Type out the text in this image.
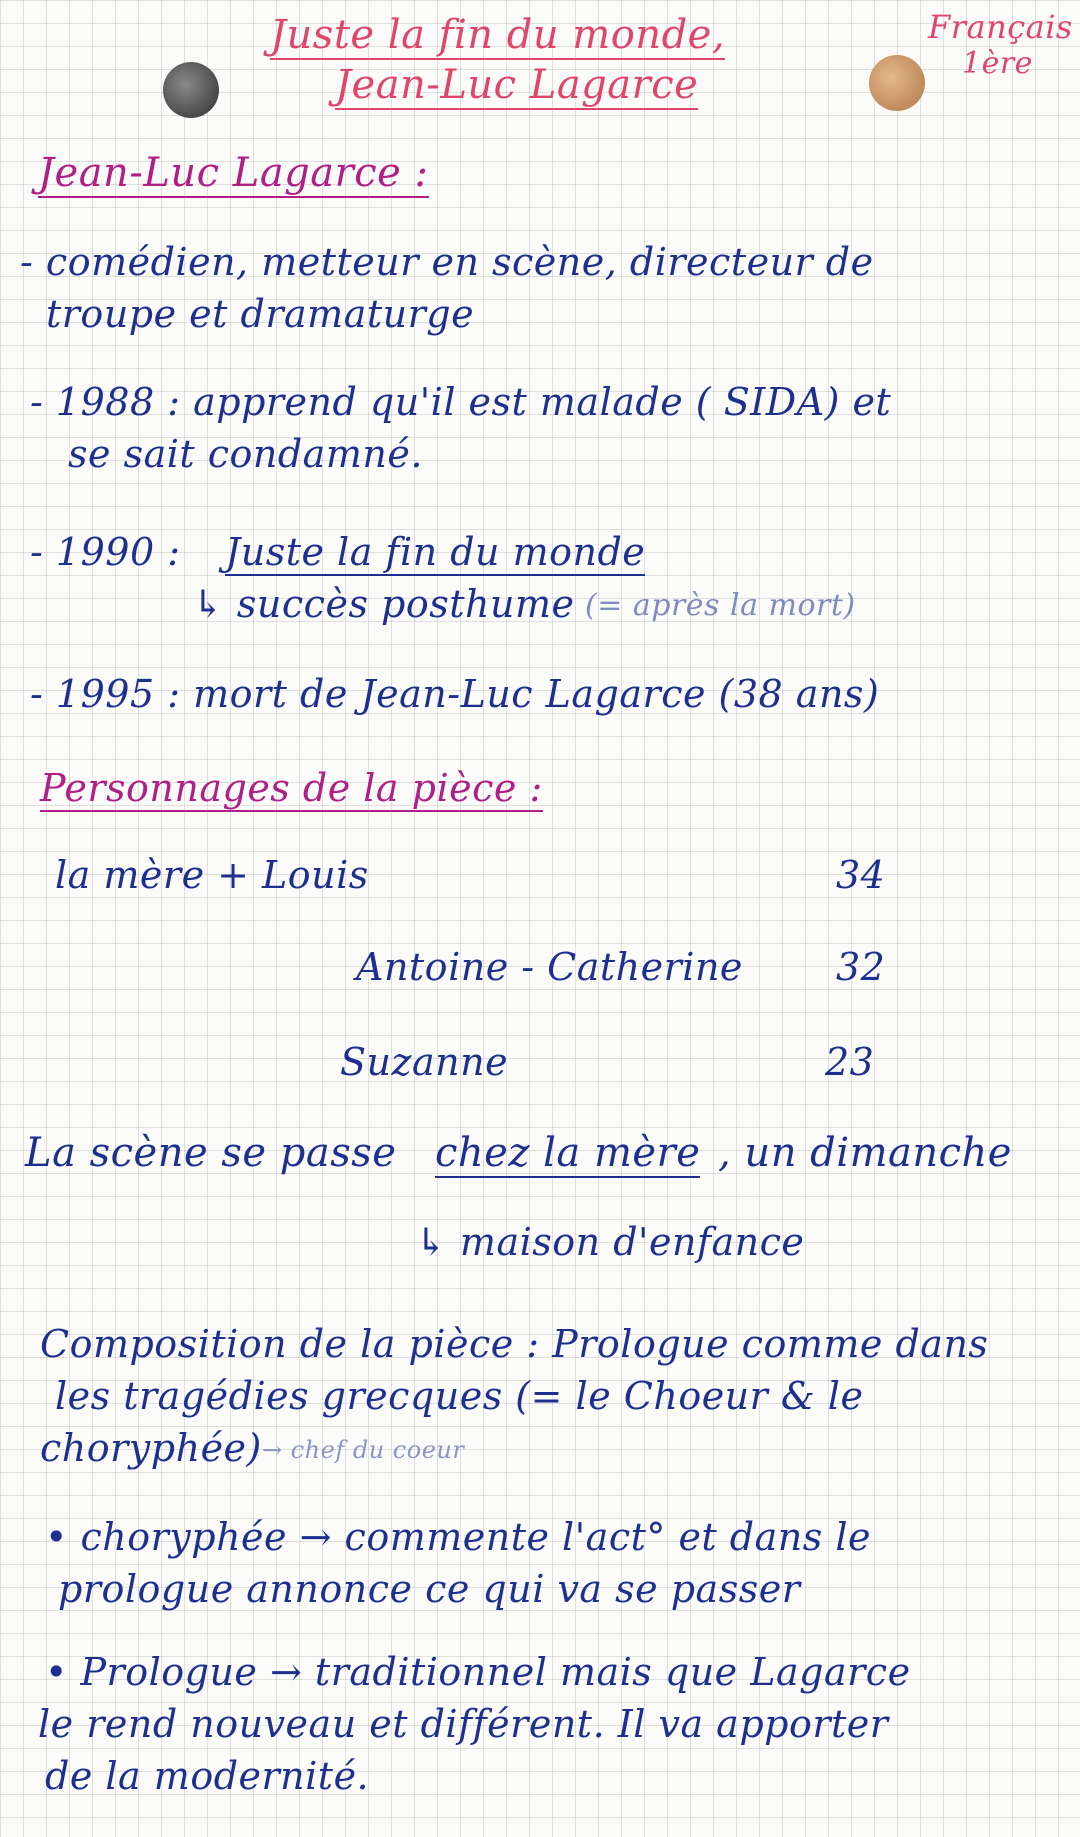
Juste la fin du monde,
Jean-Luc Lagarce
Français
1ère
Jean-Luc Lagarce :
- comédien, metteur en scène, directeur de
troupe et dramaturge
- 1988 : apprend qu'il est malade ( SIDA) et
se sait condamné.
- 1990 : Juste la fin du monde
↳ succès posthume (= après la mort)
- 1995 : mort de Jean-Luc Lagarce (38 ans)
Personnages de la pièce :
la mère + Louis	34
Antoine - Catherine 32
Suzanne	23
La scène se passe chez la mère , un dimanche
↳ maison d'enfance
Composition de la pièce : Prologue comme dans
les tragédies grecques (= le Choeur & le
choryphée) → chef du coeur
• choryphée → commente l'act° et dans le
prologue annonce ce qui va se passer
• Prologue → traditionnel mais que Lagarce
le rend nouveau et différent. Il va apporter
de la modernité.
